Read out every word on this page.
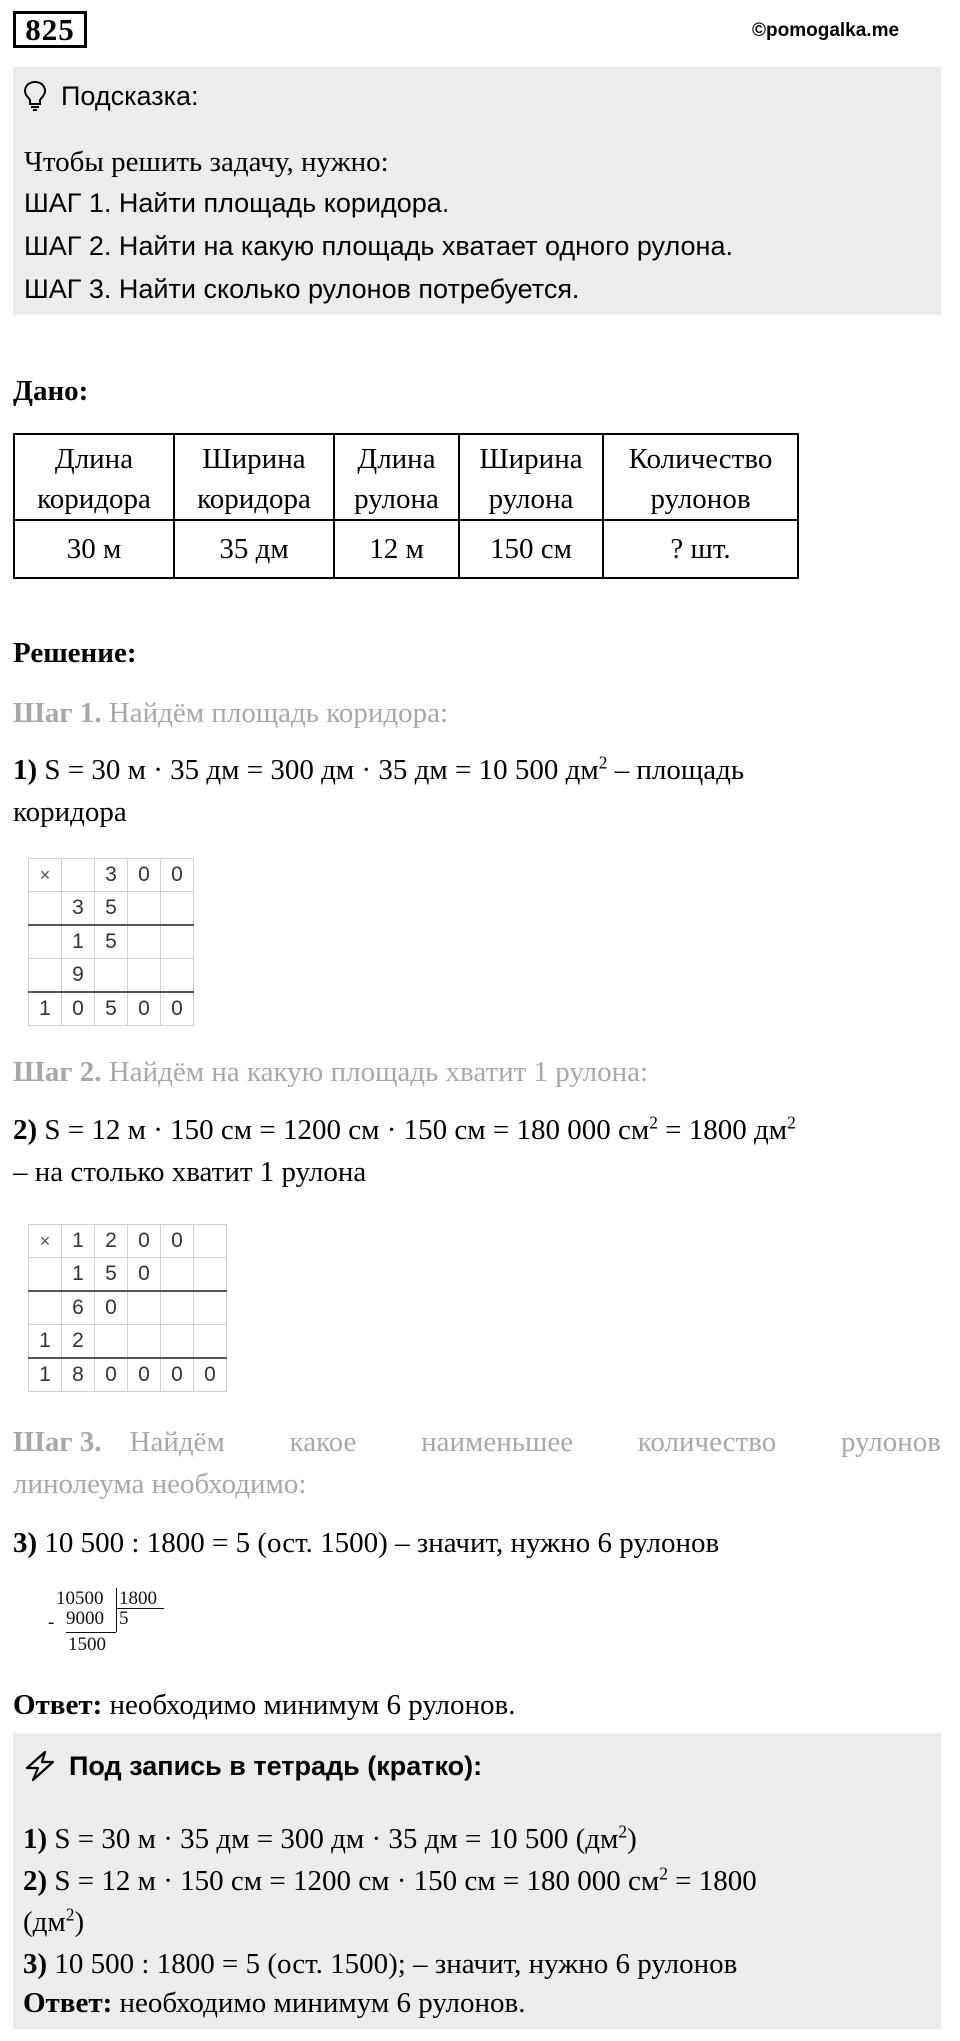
825	©pomogalka.me
Подсказка:
Чтобы решить задачу, нужно:
ШАГ 1. Найти площадь коридора.
ШАГ 2. Найти на какую площадь хватает одного рулона.
ШАГ 3. Найти сколько рулонов потребуется.
Дано:
Длина
коридора	Ширина
коридора	Длина
рулона	Ширина
рулона	Количество
рулонов
30 м	35 дм	12 м	150 см	? шт.
Решение:
Шаг 1. Найдём площадь коридора:
1) S = 30 м · 35 дм = 300 дм · 35 дм = 10 500 $дм^2$ – площадь
коридора
×		3	0	0
	3	5		
	1	5		
	9			
1	0	5	0	0
Шаг 2. Найдём на какую площадь хватит 1 рулона:
2) S = 12 м · 150 см = 1200 см · 150 см = 180 000 $см^2 = 1800$ $дм^2$
– на столько хватит 1 рулона
×	1	2	0	0	
	1	5	0		
	6	0			
1	2				
1	8	0	0	0	0
Шаг 3. Найдём какое наименьшее количество рулонов
линолеума необходимо:
3) 10 500 : 1800 = 5 (ост. 1500) – значит, нужно 6 рулонов
10500
- 9000
1500
1800
5
Ответ: необходимо минимум 6 рулонов.
Под запись в тетрадь (кратко):
1) S = 30 м · 35 дм = 300 дм · 35 дм = 10 500 $(дм^2)$
2) S = 12 м · 150 см = 1200 см · 150 см = 180 000 $см^2 = 1800$
$(дм^2)$
3) 10 500 : 1800 = 5 (ост. 1500); – значит, нужно 6 рулонов
Ответ: необходимо минимум 6 рулонов.
